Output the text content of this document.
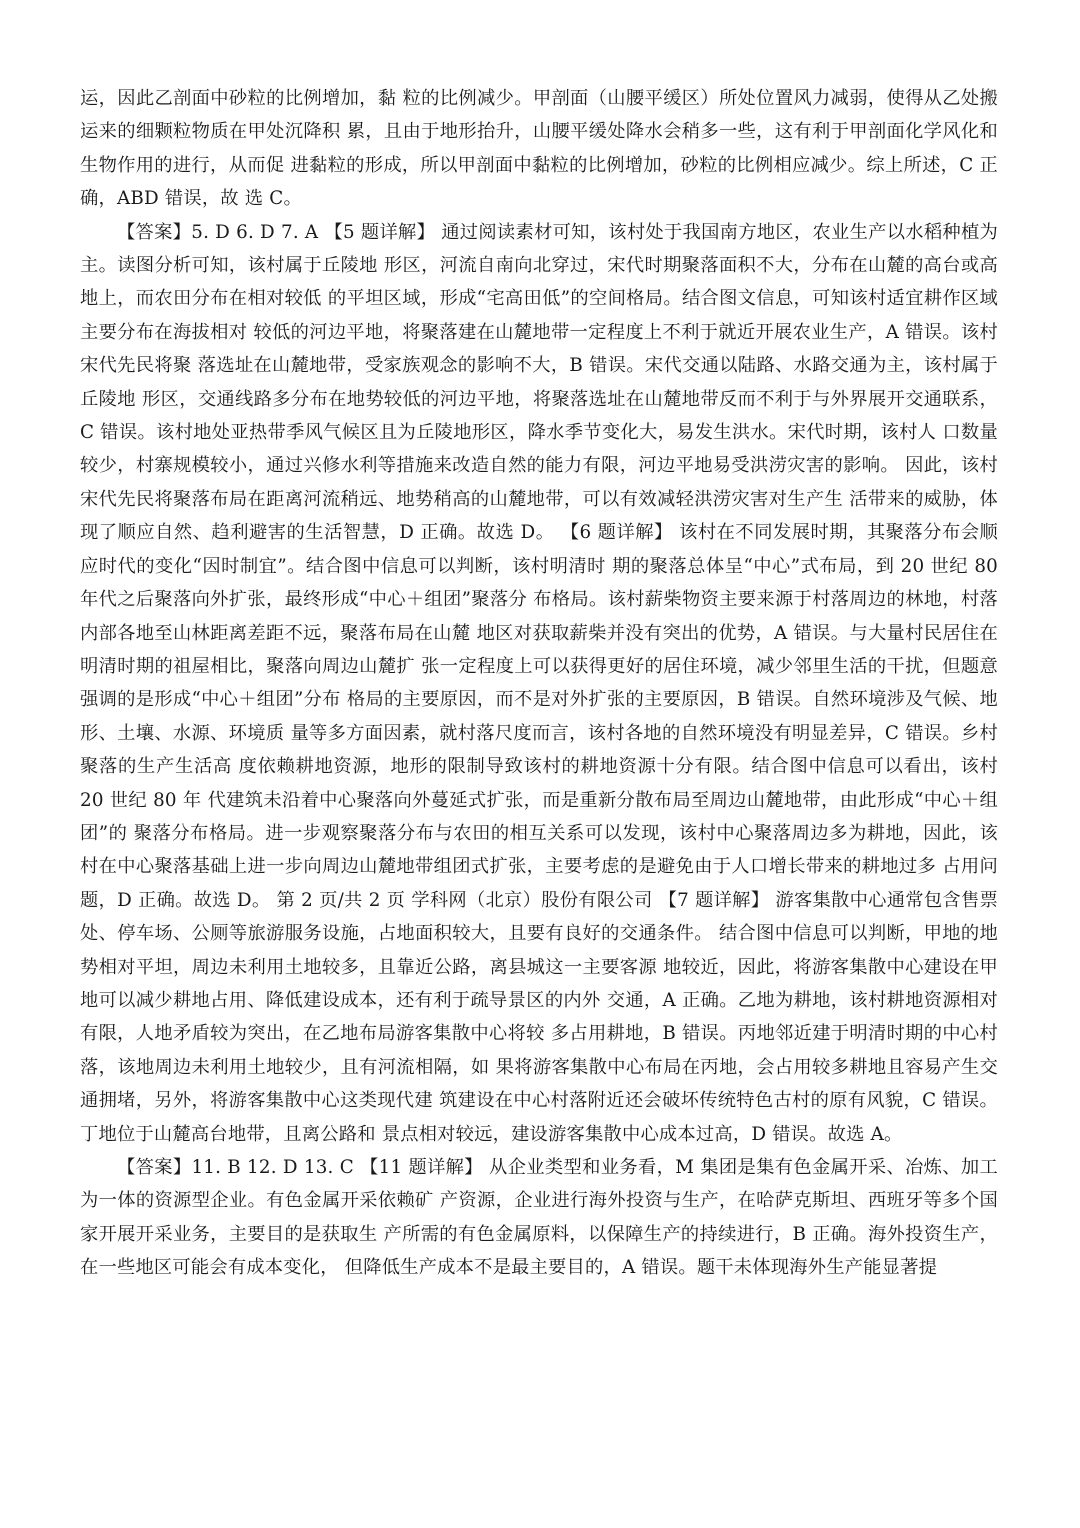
运，因此乙剖面中砂粒的比例增加，黏 粒的比例减少。甲剖面（山腰平缓区）所处位置风力减弱，使得从乙处搬运来的细颗粒物质在甲处沉降积 累，且由于地形抬升，山腰平缓处降水会稍多一些，这有利于甲剖面化学风化和生物作用的进行，从而促 进黏粒的形成，所以甲剖面中黏粒的比例增加，砂粒的比例相应减少。综上所述，C 正确，ABD 错误，故 选 C。

【答案】5. D 6. D 7. A 【5 题详解】 通过阅读素材可知，该村处于我国南方地区，农业生产以水稻种植为主。读图分析可知，该村属于丘陵地 形区，河流自南向北穿过，宋代时期聚落面积不大，分布在山麓的高台或高地上，而农田分布在相对较低 的平坦区域，形成“宅高田低”的空间格局。结合图文信息，可知该村适宜耕作区域主要分布在海拔相对 较低的河边平地，将聚落建在山麓地带一定程度上不利于就近开展农业生产，A 错误。该村宋代先民将聚 落选址在山麓地带，受家族观念的影响不大，B 错误。宋代交通以陆路、水路交通为主，该村属于丘陵地 形区，交通线路多分布在地势较低的河边平地，将聚落选址在山麓地带反而不利于与外界展开交通联系， C 错误。该村地处亚热带季风气候区且为丘陵地形区，降水季节变化大，易发生洪水。宋代时期，该村人 口数量较少，村寨规模较小，通过兴修水利等措施来改造自然的能力有限，河边平地易受洪涝灾害的影响。 因此，该村宋代先民将聚落布局在距离河流稍远、地势稍高的山麓地带，可以有效减轻洪涝灾害对生产生 活带来的威胁，体现了顺应自然、趋利避害的生活智慧，D 正确。故选 D。 【6 题详解】 该村在不同发展时期，其聚落分布会顺应时代的变化“因时制宜”。结合图中信息可以判断，该村明清时 期的聚落总体呈“中心”式布局，到 20 世纪 80 年代之后聚落向外扩张，最终形成“中心＋组团”聚落分 布格局。该村薪柴物资主要来源于村落周边的林地，村落内部各地至山林距离差距不远，聚落布局在山麓 地区对获取薪柴并没有突出的优势，A 错误。与大量村民居住在明清时期的祖屋相比，聚落向周边山麓扩 张一定程度上可以获得更好的居住环境，减少邻里生活的干扰，但题意强调的是形成“中心＋组团”分布 格局的主要原因，而不是对外扩张的主要原因，B 错误。自然环境涉及气候、地形、土壤、水源、环境质 量等多方面因素，就村落尺度而言，该村各地的自然环境没有明显差异，C 错误。乡村聚落的生产生活高 度依赖耕地资源，地形的限制导致该村的耕地资源十分有限。结合图中信息可以看出，该村 20 世纪 80 年 代建筑未沿着中心聚落向外蔓延式扩张，而是重新分散布局至周边山麓地带，由此形成“中心＋组团”的 聚落分布格局。进一步观察聚落分布与农田的相互关系可以发现，该村中心聚落周边多为耕地，因此，该 村在中心聚落基础上进一步向周边山麓地带组团式扩张，主要考虑的是避免由于人口增长带来的耕地过多 占用问题，D 正确。故选 D。 第 2 页/共 2 页 学科网（北京）股份有限公司 【7 题详解】 游客集散中心通常包含售票处、停车场、公厕等旅游服务设施，占地面积较大，且要有良好的交通条件。 结合图中信息可以判断，甲地的地势相对平坦，周边未利用土地较多，且靠近公路，离县城这一主要客源 地较近，因此，将游客集散中心建设在甲地可以减少耕地占用、降低建设成本，还有利于疏导景区的内外 交通，A 正确。乙地为耕地，该村耕地资源相对有限，人地矛盾较为突出，在乙地布局游客集散中心将较 多占用耕地，B 错误。丙地邻近建于明清时期的中心村落，该地周边未利用土地较少，且有河流相隔，如 果将游客集散中心布局在丙地，会占用较多耕地且容易产生交通拥堵，另外，将游客集散中心这类现代建 筑建设在中心村落附近还会破坏传统特色古村的原有风貌，C 错误。丁地位于山麓高台地带，且离公路和 景点相对较远，建设游客集散中心成本过高，D 错误。故选 A。

【答案】11. B 12. D 13. C 【11 题详解】 从企业类型和业务看，M 集团是集有色金属开采、冶炼、加工为一体的资源型企业。有色金属开采依赖矿 产资源，企业进行海外投资与生产，在哈萨克斯坦、西班牙等多个国家开展开采业务，主要目的是获取生 产所需的有色金属原料，以保障生产的持续进行，B 正确。海外投资生产，在一些地区可能会有成本变化， 但降低生产成本不是最主要目的，A 错误。题干未体现海外生产能显著提
